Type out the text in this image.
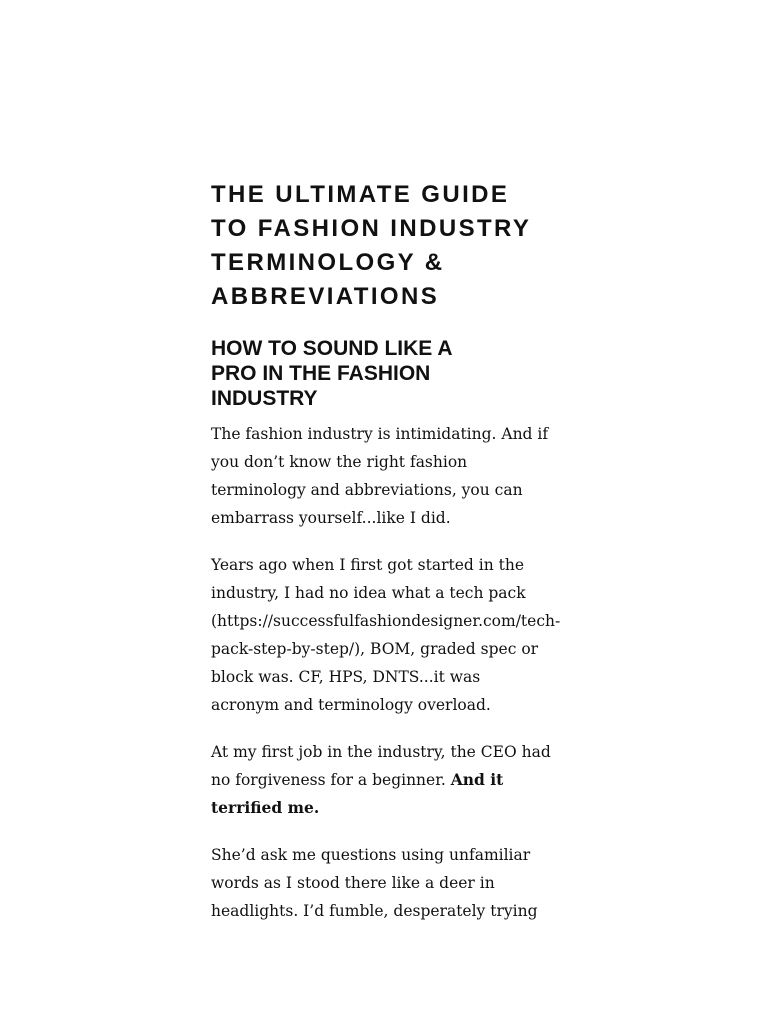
THE ULTIMATE GUIDE
TO FASHION INDUSTRY
TERMINOLOGY &
ABBREVIATIONS
HOW TO SOUND LIKE A
PRO IN THE FASHION
INDUSTRY

The fashion industry is intimidating. And if
you don’t know the right fashion
terminology and abbreviations, you can
embarrass yourself...like I did.

Years ago when I first got started in the
industry, I had no idea what a tech pack
(https://successfulfashiondesigner.com/tech-
pack-step-by-step/), BOM, graded spec or
block was. CF, HPS, DNTS...it was
acronym and terminology overload.

At my first job in the industry, the CEO had
no forgiveness for a beginner. And it
terrified me.

She’d ask me questions using unfamiliar
words as I stood there like a deer in
headlights. I’d fumble, desperately trying
